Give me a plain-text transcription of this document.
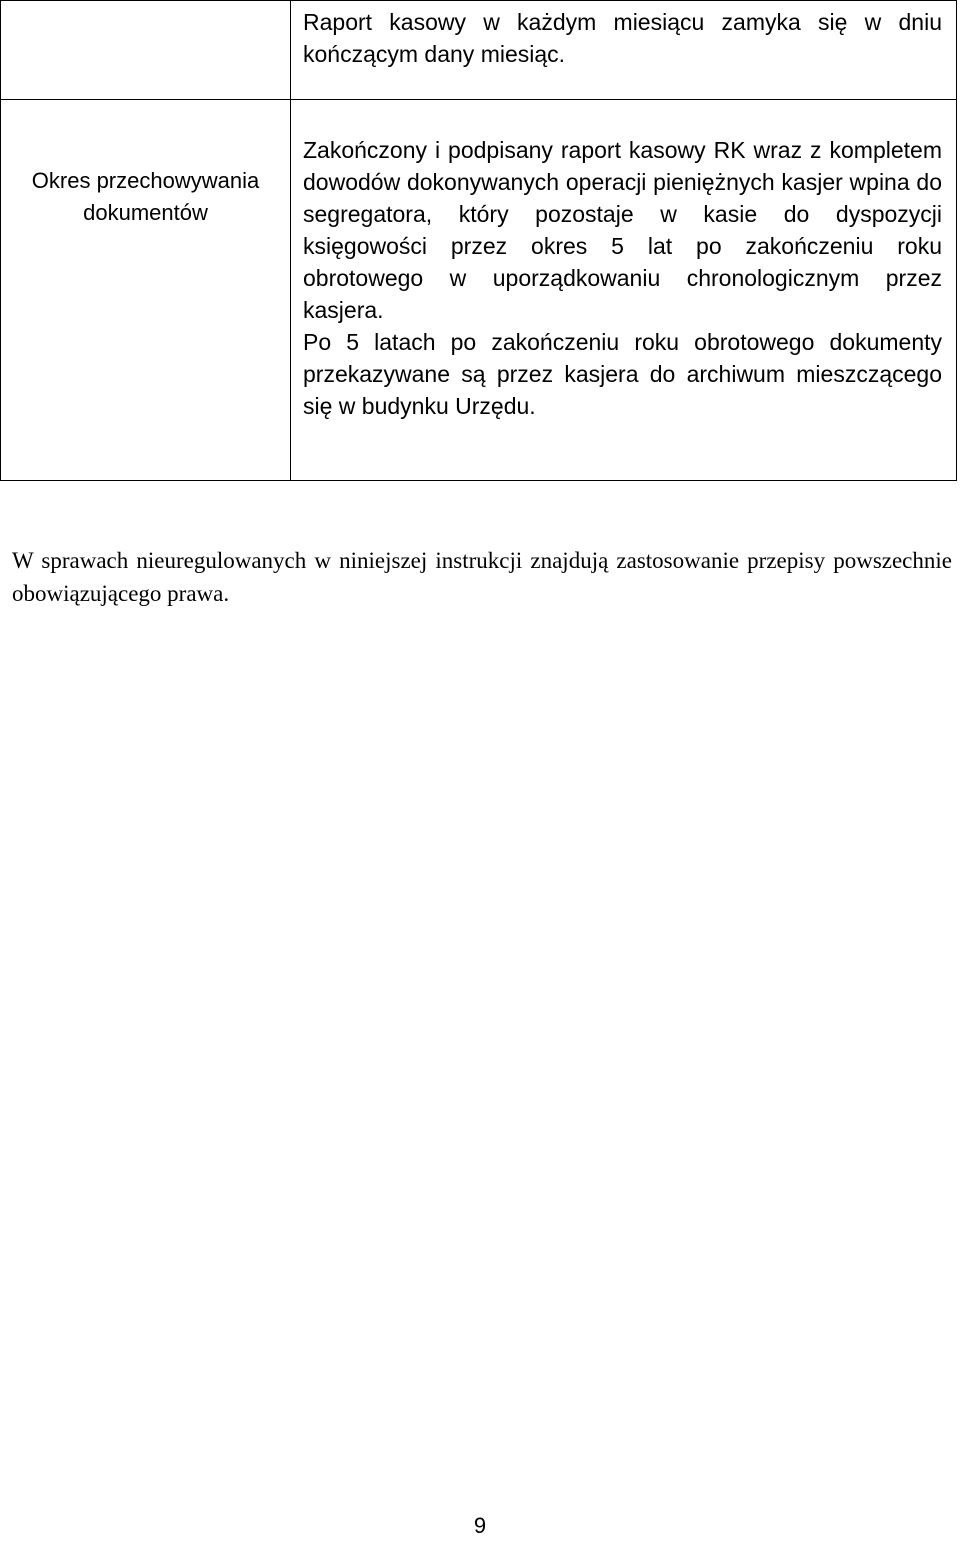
	Raport kasowy w każdym miesiącu zamyka się w dniu kończącym dany miesiąc.

Okres przechowywania dokumentów	Zakończony i podpisany raport kasowy RK wraz z kompletem dowodów dokonywanych operacji pieniężnych kasjer wpina do segregatora, który pozostaje w kasie do dyspozycji księgowości przez okres 5 lat po zakończeniu roku obrotowego w uporządkowaniu chronologicznym przez kasjera.

Po 5 latach po zakończeniu roku obrotowego dokumenty przekazywane są przez kasjera do archiwum mieszczącego się w budynku Urzędu.

W sprawach nieuregulowanych w niniejszej instrukcji znajdują zastosowanie przepisy powszechnie obowiązującego prawa.

9
